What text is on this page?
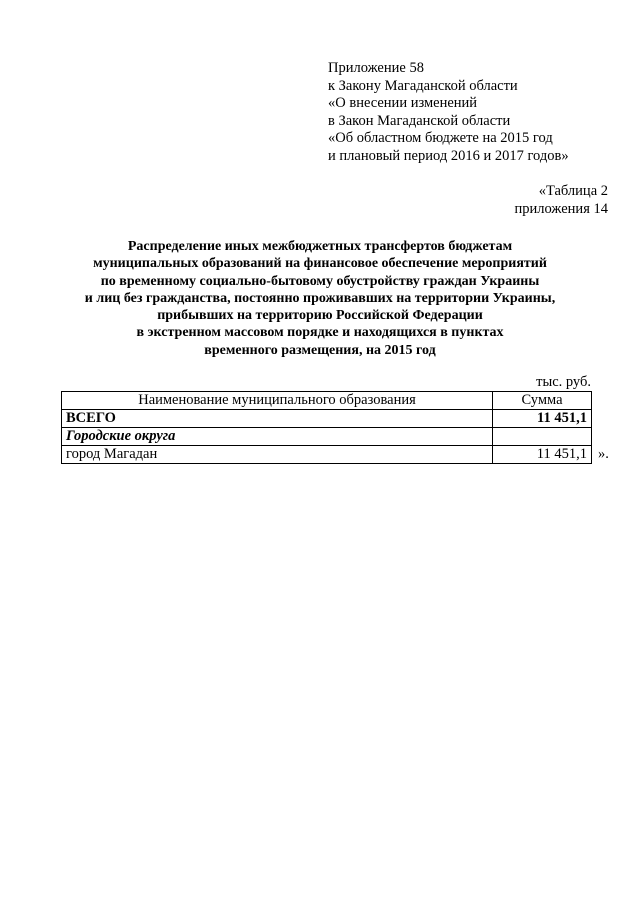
Приложение 58
к Закону Магаданской области
«О внесении изменений
в Закон Магаданской области
«Об областном бюджете на 2015 год
и плановый период 2016 и 2017 годов»
«Таблица 2
приложения 14
Распределение иных межбюджетных трансфертов бюджетам
муниципальных образований на финансовое обеспечение мероприятий
по временному социально-бытовому обустройству граждан Украины
и лиц без гражданства, постоянно проживавших на территории Украины,
прибывших на территорию Российской Федерации
в экстренном массовом порядке и находящихся в пунктах
временного размещения, на 2015 год
тыс. руб.
Наименование муниципального образования	Сумма
ВСЕГО	11 451,1
Городские округа	
город Магадан	11 451,1 ».
